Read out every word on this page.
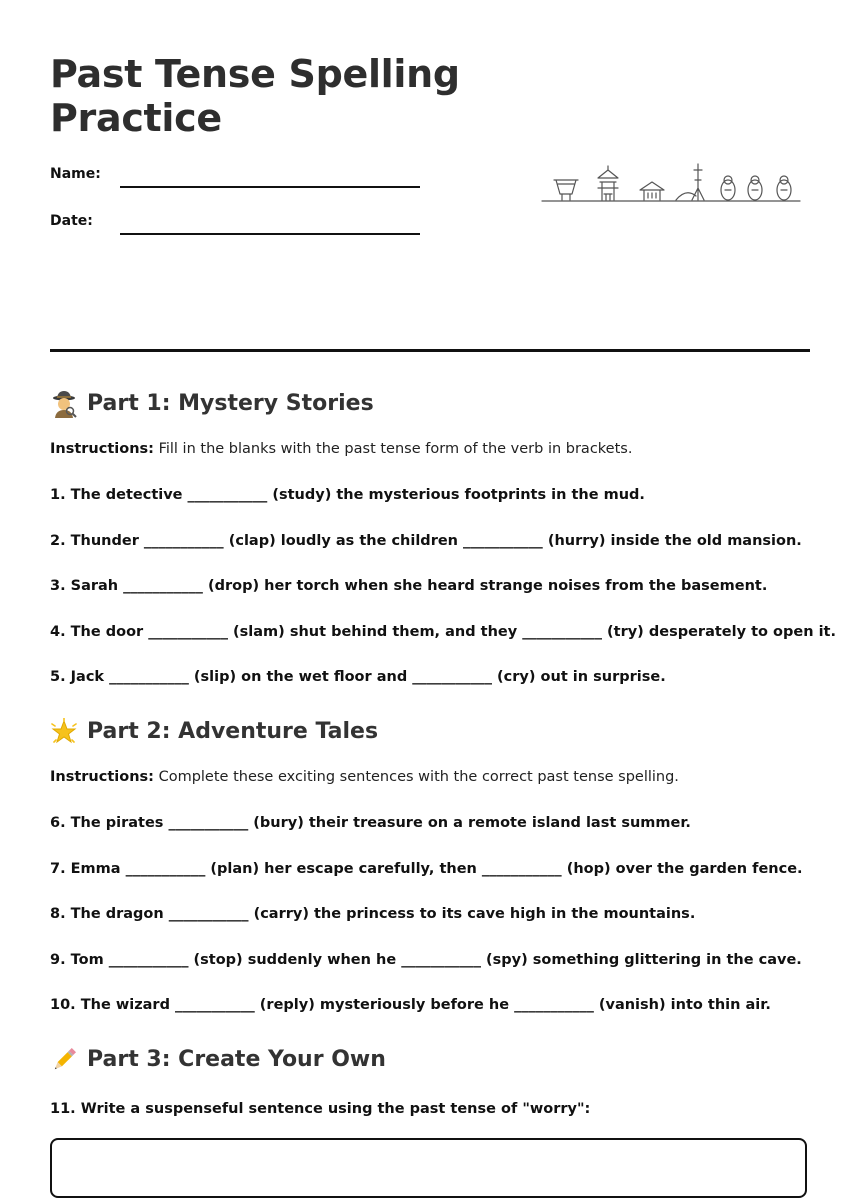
Past Tense Spelling
Practice
Name:
Date:
Part 1: Mystery Stories
Instructions: Fill in the blanks with the past tense form of the verb in brackets.
1. The detective ___________ (study) the mysterious footprints in the mud.
2. Thunder ___________ (clap) loudly as the children ___________ (hurry) inside the old mansion.
3. Sarah ___________ (drop) her torch when she heard strange noises from the basement.
4. The door ___________ (slam) shut behind them, and they ___________ (try) desperately to open it.
5. Jack ___________ (slip) on the wet floor and ___________ (cry) out in surprise.
Part 2: Adventure Tales
Instructions: Complete these exciting sentences with the correct past tense spelling.
6. The pirates ___________ (bury) their treasure on a remote island last summer.
7. Emma ___________ (plan) her escape carefully, then ___________ (hop) over the garden fence.
8. The dragon ___________ (carry) the princess to its cave high in the mountains.
9. Tom ___________ (stop) suddenly when he ___________ (spy) something glittering in the cave.
10. The wizard ___________ (reply) mysteriously before he ___________ (vanish) into thin air.
Part 3: Create Your Own
11. Write a suspenseful sentence using the past tense of "worry":
